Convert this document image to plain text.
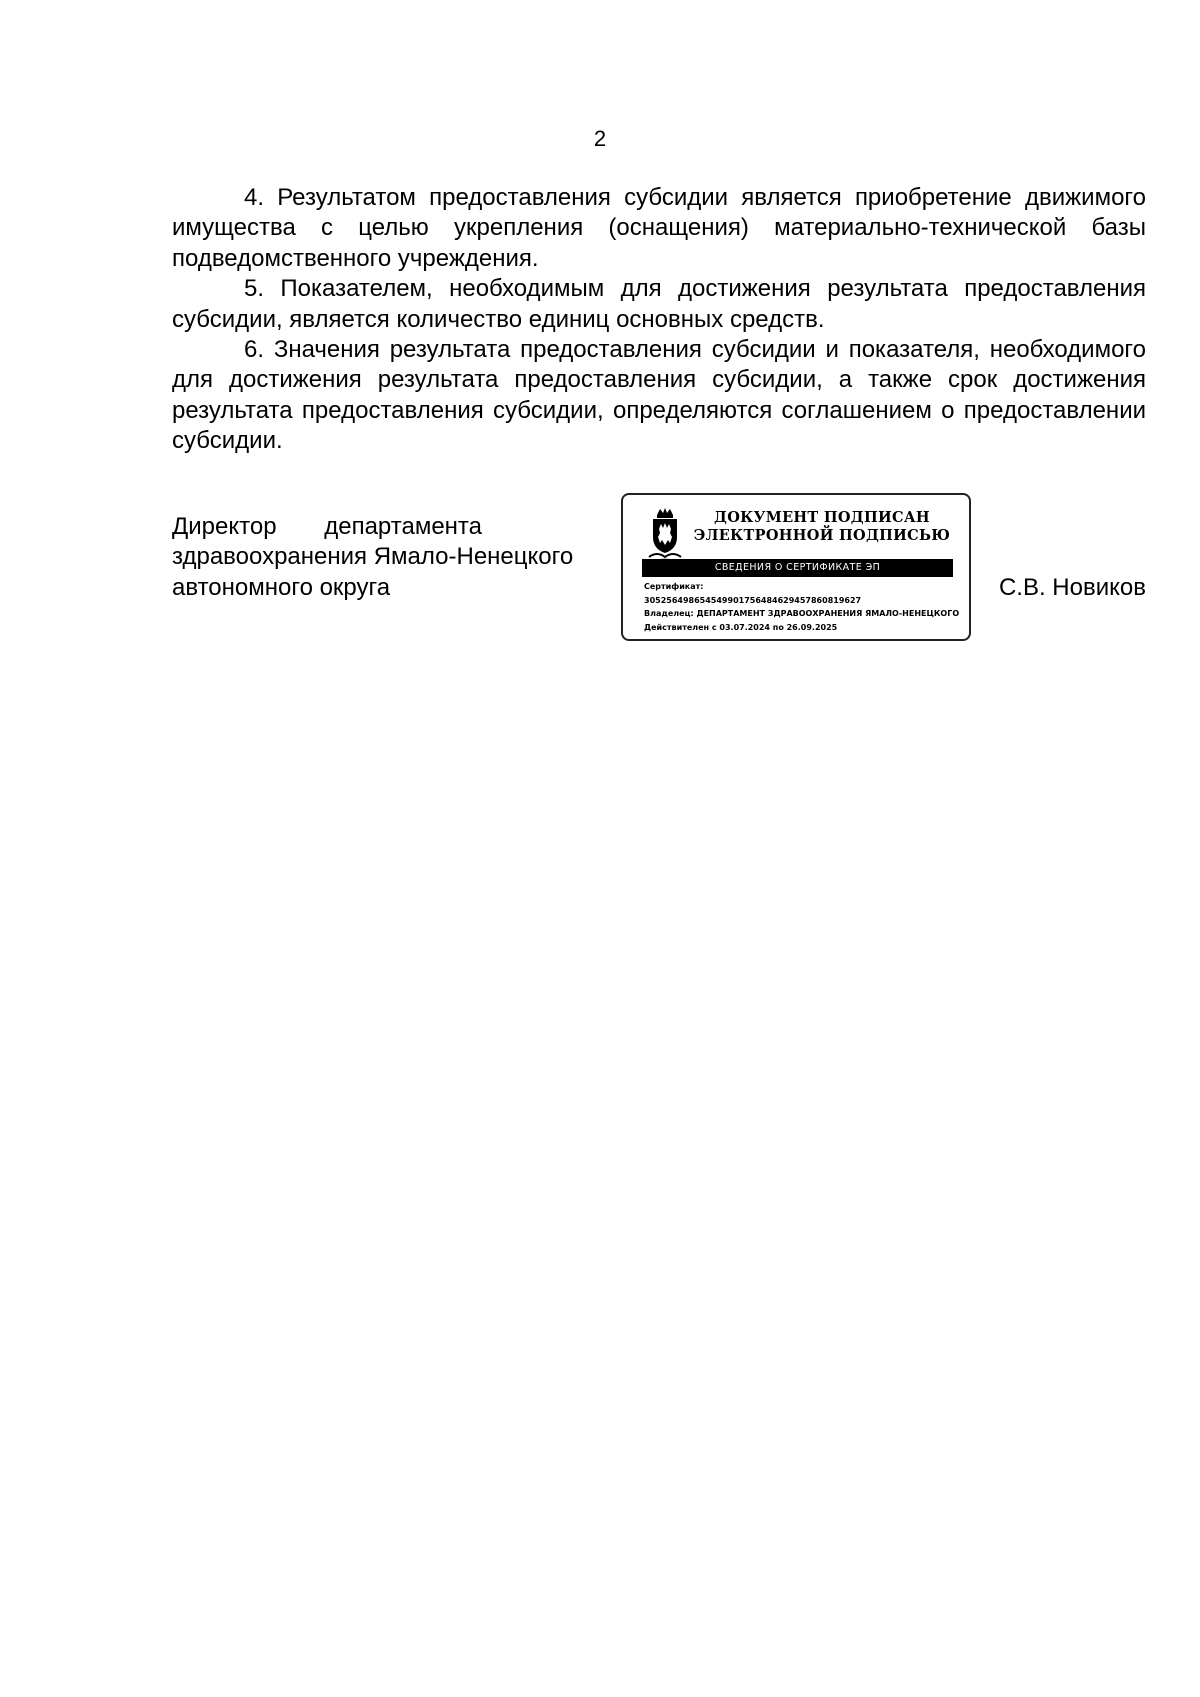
2

4. Результатом предоставления субсидии является приобретение движимого имущества с целью укрепления (оснащения) материально-технической базы подведомственного учреждения.

5. Показателем, необходимым для достижения результата предоставления субсидии, является количество единиц основных средств.

6. Значения результата предоставления субсидии и показателя, необходимого для достижения результата предоставления субсидии, а также срок достижения результата предоставления субсидии, определяются соглашением о предоставлении субсидии.

Директор департамента
здравоохранения Ямало-Ненецкого
автономного округа
ДОКУМЕНТ ПОДПИСАН
ЭЛЕКТРОННОЙ ПОДПИСЬЮ
СВЕДЕНИЯ О СЕРТИФИКАТЕ ЭП
Сертификат:
30525649865454990175648462945786081962​7
Владелец: ДЕПАРТАМЕНТ ЗДРАВООХРАНЕНИЯ ЯМАЛО-НЕНЕЦКОГО
Действителен с 03.07.2024 по 26.09.2025
С.В. Новиков
